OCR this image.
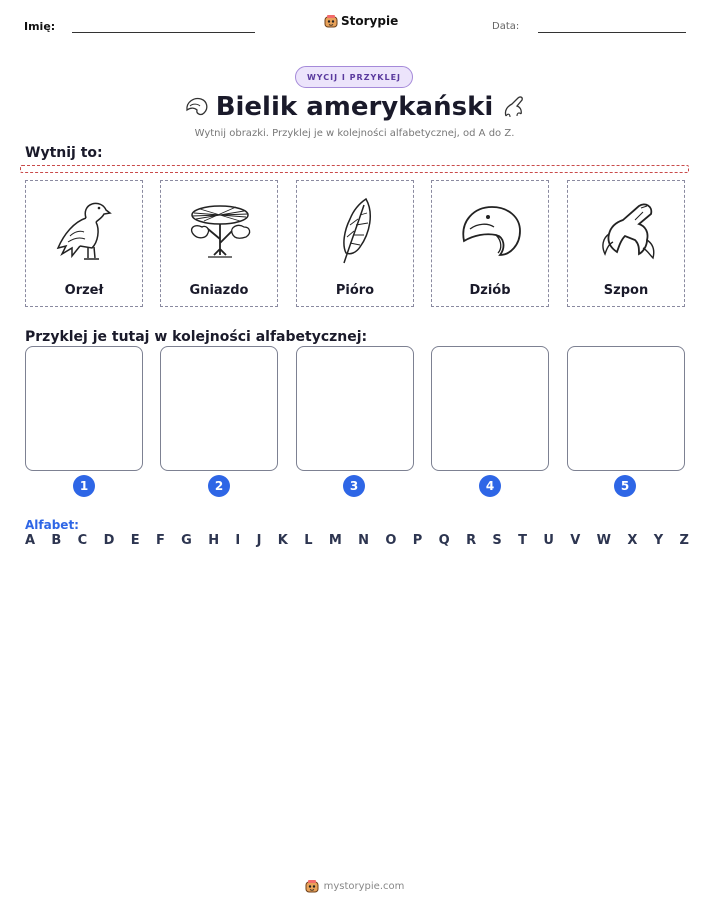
Imię:	Storypie	Data:
WYCIJ I PRZYKLEJ
Bielik amerykański
Wytnij obrazki. Przyklej je w kolejności alfabetycznej, od A do Z.
Wytnij to:
Orzeł	Gniazdo	Pióro	Dziób	Szpon
Przyklej je tutaj w kolejności alfabetycznej:
1	2	3	4	5
Alfabet:
A B C D E F G H I J K L M N O P Q R S T U V W X Y Z
mystorypie.com
